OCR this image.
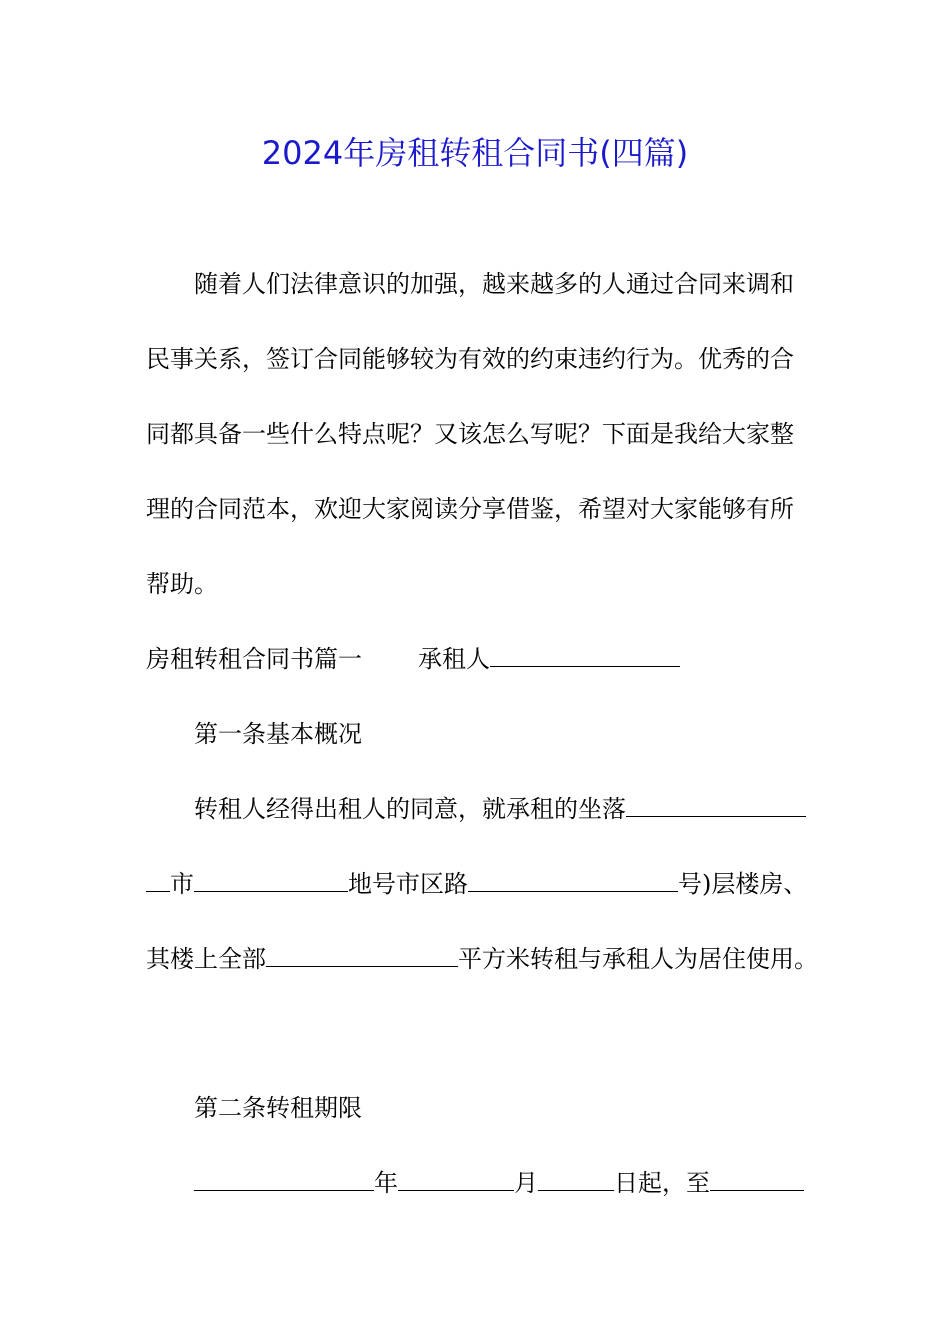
2024年房租转租合同书(四篇)
随着人们法律意识的加强，越来越多的人通过合同来调和
民事关系，签订合同能够较为有效的约束违约行为。优秀的合
同都具备一些什么特点呢？又该怎么写呢？下面是我给大家整
理的合同范本，欢迎大家阅读分享借鉴，希望对大家能够有所
帮助。
房租转租合同书篇一 承租人
第一条基本概况
转租人经得出租人的同意，就承租的坐落
市	地号市区路	号)层楼房、
其楼上全部	平方米转租与承租人为居住使用。
第二条转租期限
年	月	日起，至
